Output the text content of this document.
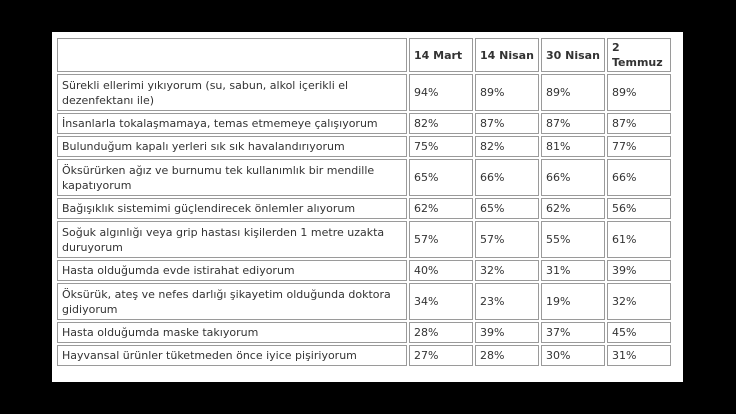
	14 Mart	14 Nisan	30 Nisan	2 Temmuz
Sürekli ellerimi yıkıyorum (su, sabun, alkol içerikli el dezenfektanı ile)	94%	89%	89%	89%
İnsanlarla tokalaşmamaya, temas etmemeye çalışıyorum	82%	87%	87%	87%
Bulunduğum kapalı yerleri sık sık havalandırıyorum	75%	82%	81%	77%
Öksürürken ağız ve burnumu tek kullanımlık bir mendille kapatıyorum	65%	66%	66%	66%
Bağışıklık sistemimi güçlendirecek önlemler alıyorum	62%	65%	62%	56%
Soğuk algınlığı veya grip hastası kişilerden 1 metre uzakta duruyorum	57%	57%	55%	61%
Hasta olduğumda evde istirahat ediyorum	40%	32%	31%	39%
Öksürük, ateş ve nefes darlığı şikayetim olduğunda doktora gidiyorum	34%	23%	19%	32%
Hasta olduğumda maske takıyorum	28%	39%	37%	45%
Hayvansal ürünler tüketmeden önce iyice pişiriyorum	27%	28%	30%	31%
